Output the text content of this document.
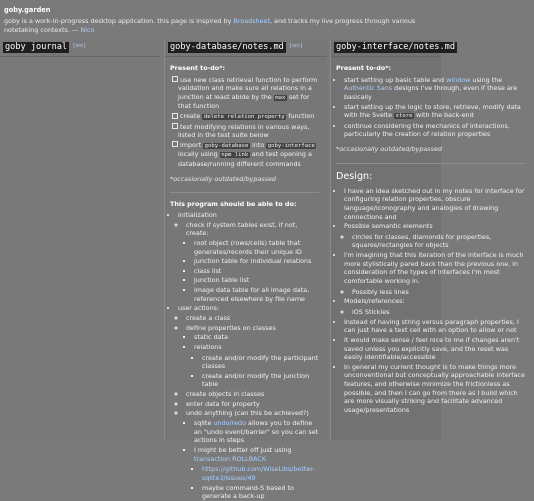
goby.garden
goby is a work-in-progress desktop application. this page is inspired by Broadsheet, and tracks my live progress through various notetaking contexts. — Nico
goby journal [src]	goby-database/notes.md [src]
Present to-do*:
use new class retrieval function to perform validation and make sure all relations in a junction at least abide by the max set for that function
create delete relation property function
test modifying relations in various ways, listed in the test suite below
import goby-database into goby-interface locally using npm link and test opening a database/running different commands
*occasionally outdated/bypassed
This program should be able to do:
• initialization
◦ check if system tables exist, if not, create:
▪ root object (rows/cells) table that generates/records their unique ID
▪ junction table for individual relations
▪ class list
▪ junction table list
▪ image data table for all image data, referenced elsewhere by file name
• user actions:
◦ create a class
◦ define properties on classes
▪ static data
▪ relations
▪ create and/or modify the participant classes
▪ create and/or modify the junction table
◦ create objects in classes
◦ enter data for property
◦ undo anything (can this be achieved?)
▪ sqlite undo/redo allows you to define an "undo event/barrier" so you can set actions in steps
▪ I might be better off just using transaction ROLLBACK
▪ https://github.com/WiseLibs/better-sqlite3/issues/49
▪ maybe command-S based to generate a back-up
goby-interface/notes.md
Present to-do*:
• start setting up basic table and window using the Authentic Sans designs I've through, even if these are basically
• start setting up the logic to store, retrieve, modify data with the Svelte store with the back-end
• continue considering the mechanics of interactions, particularly the creation of relation properties
*occasionally outdated/bypassed
Design:
• I have an idea sketched out in my notes for interface for configuring relation properties, obscure language/iconography and analogies of drawing connections and
• Possible semantic elements
◦ circles for classes, diamonds for properties, squares/rectangles for objects
• I'm imagining that this iteration of the interface is much more stylistically pared back than the previous one, in consideration of the types of interfaces I'm most comfortable working in.
◦ Possibly less lines
• Models/references:
◦ iOS Stickies
• Instead of having string versus paragraph properties, I can just have a text cell with an option to allow or not
• It would make sense / feel nice to me if changes aren't saved unless you explicitly save, and the reset was easily identifiable/accessible
• In general my current thought is to make things more unconventional but conceptually approachable interface features, and otherwise minimize the frictionless as possible, and then I can go from there as I build which are more visually striking and facilitate advanced usage/presentations
